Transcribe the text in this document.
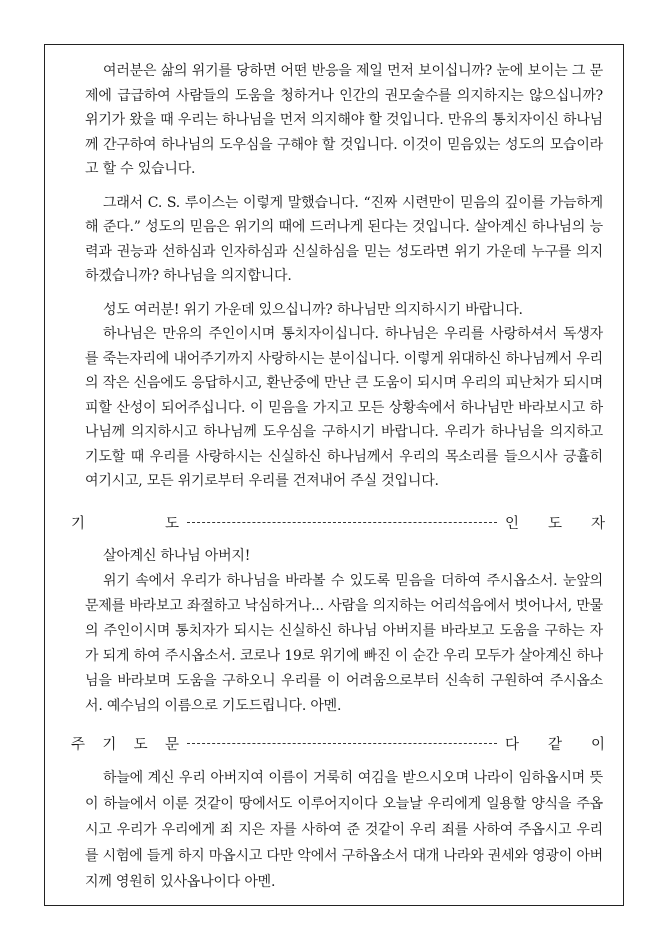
여러분은 삶의 위기를 당하면 어떤 반응을 제일 먼저 보이십니까? 눈에 보이는 그 문제에 급급하여 사람들의 도움을 청하거나 인간의 권모술수를 의지하지는 않으십니까? 위기가 왔을 때 우리는 하나님을 먼저 의지해야 할 것입니다. 만유의 통치자이신 하나님께 간구하여 하나님의 도우심을 구해야 할 것입니다. 이것이 믿음있는 성도의 모습이라고 할 수 있습니다.

그래서 C. S. 루이스는 이렇게 말했습니다. “진짜 시련만이 믿음의 깊이를 가늠하게 해 준다.” 성도의 믿음은 위기의 때에 드러나게 된다는 것입니다. 살아계신 하나님의 능력과 권능과 선하심과 인자하심과 신실하심을 믿는 성도라면 위기 가운데 누구를 의지하겠습니까? 하나님을 의지합니다.

성도 여러분! 위기 가운데 있으십니까? 하나님만 의지하시기 바랍니다.

하나님은 만유의 주인이시며 통치자이십니다. 하나님은 우리를 사랑하셔서 독생자를 죽는자리에 내어주기까지 사랑하시는 분이십니다. 이렇게 위대하신 하나님께서 우리의 작은 신음에도 응답하시고, 환난중에 만난 큰 도움이 되시며 우리의 피난처가 되시며 피할 산성이 되어주십니다. 이 믿음을 가지고 모든 상황속에서 하나님만 바라보시고 하나님께 의지하시고 하나님께 도우심을 구하시기 바랍니다. 우리가 하나님을 의지하고 기도할 때 우리를 사랑하시는 신실하신 하나님께서 우리의 목소리를 들으시사 긍휼히 여기시고, 모든 위기로부터 우리를 건져내어 주실 것입니다.

기	도	인 도 자

살아계신 하나님 아버지!

위기 속에서 우리가 하나님을 바라볼 수 있도록 믿음을 더하여 주시옵소서. 눈앞의 문제를 바라보고 좌절하고 낙심하거나... 사람을 의지하는 어리석음에서 벗어나서, 만물의 주인이시며 통치자가 되시는 신실하신 하나님 아버지를 바라보고 도움을 구하는 자가 되게 하여 주시옵소서. 코로나 19로 위기에 빠진 이 순간 우리 모두가 살아계신 하나님을 바라보며 도움을 구하오니 우리를 이 어려움으로부터 신속히 구원하여 주시옵소서. 예수님의 이름으로 기도드립니다. 아멘.

주 기 도 문	다 같 이

하늘에 계신 우리 아버지여 이름이 거룩히 여김을 받으시오며 나라이 임하옵시며 뜻이 하늘에서 이룬 것같이 땅에서도 이루어지이다 오늘날 우리에게 일용할 양식을 주옵시고 우리가 우리에게 죄 지은 자를 사하여 준 것같이 우리 죄를 사하여 주옵시고 우리를 시험에 들게 하지 마옵시고 다만 악에서 구하옵소서 대개 나라와 권세와 영광이 아버지께 영원히 있사옵나이다 아멘.
